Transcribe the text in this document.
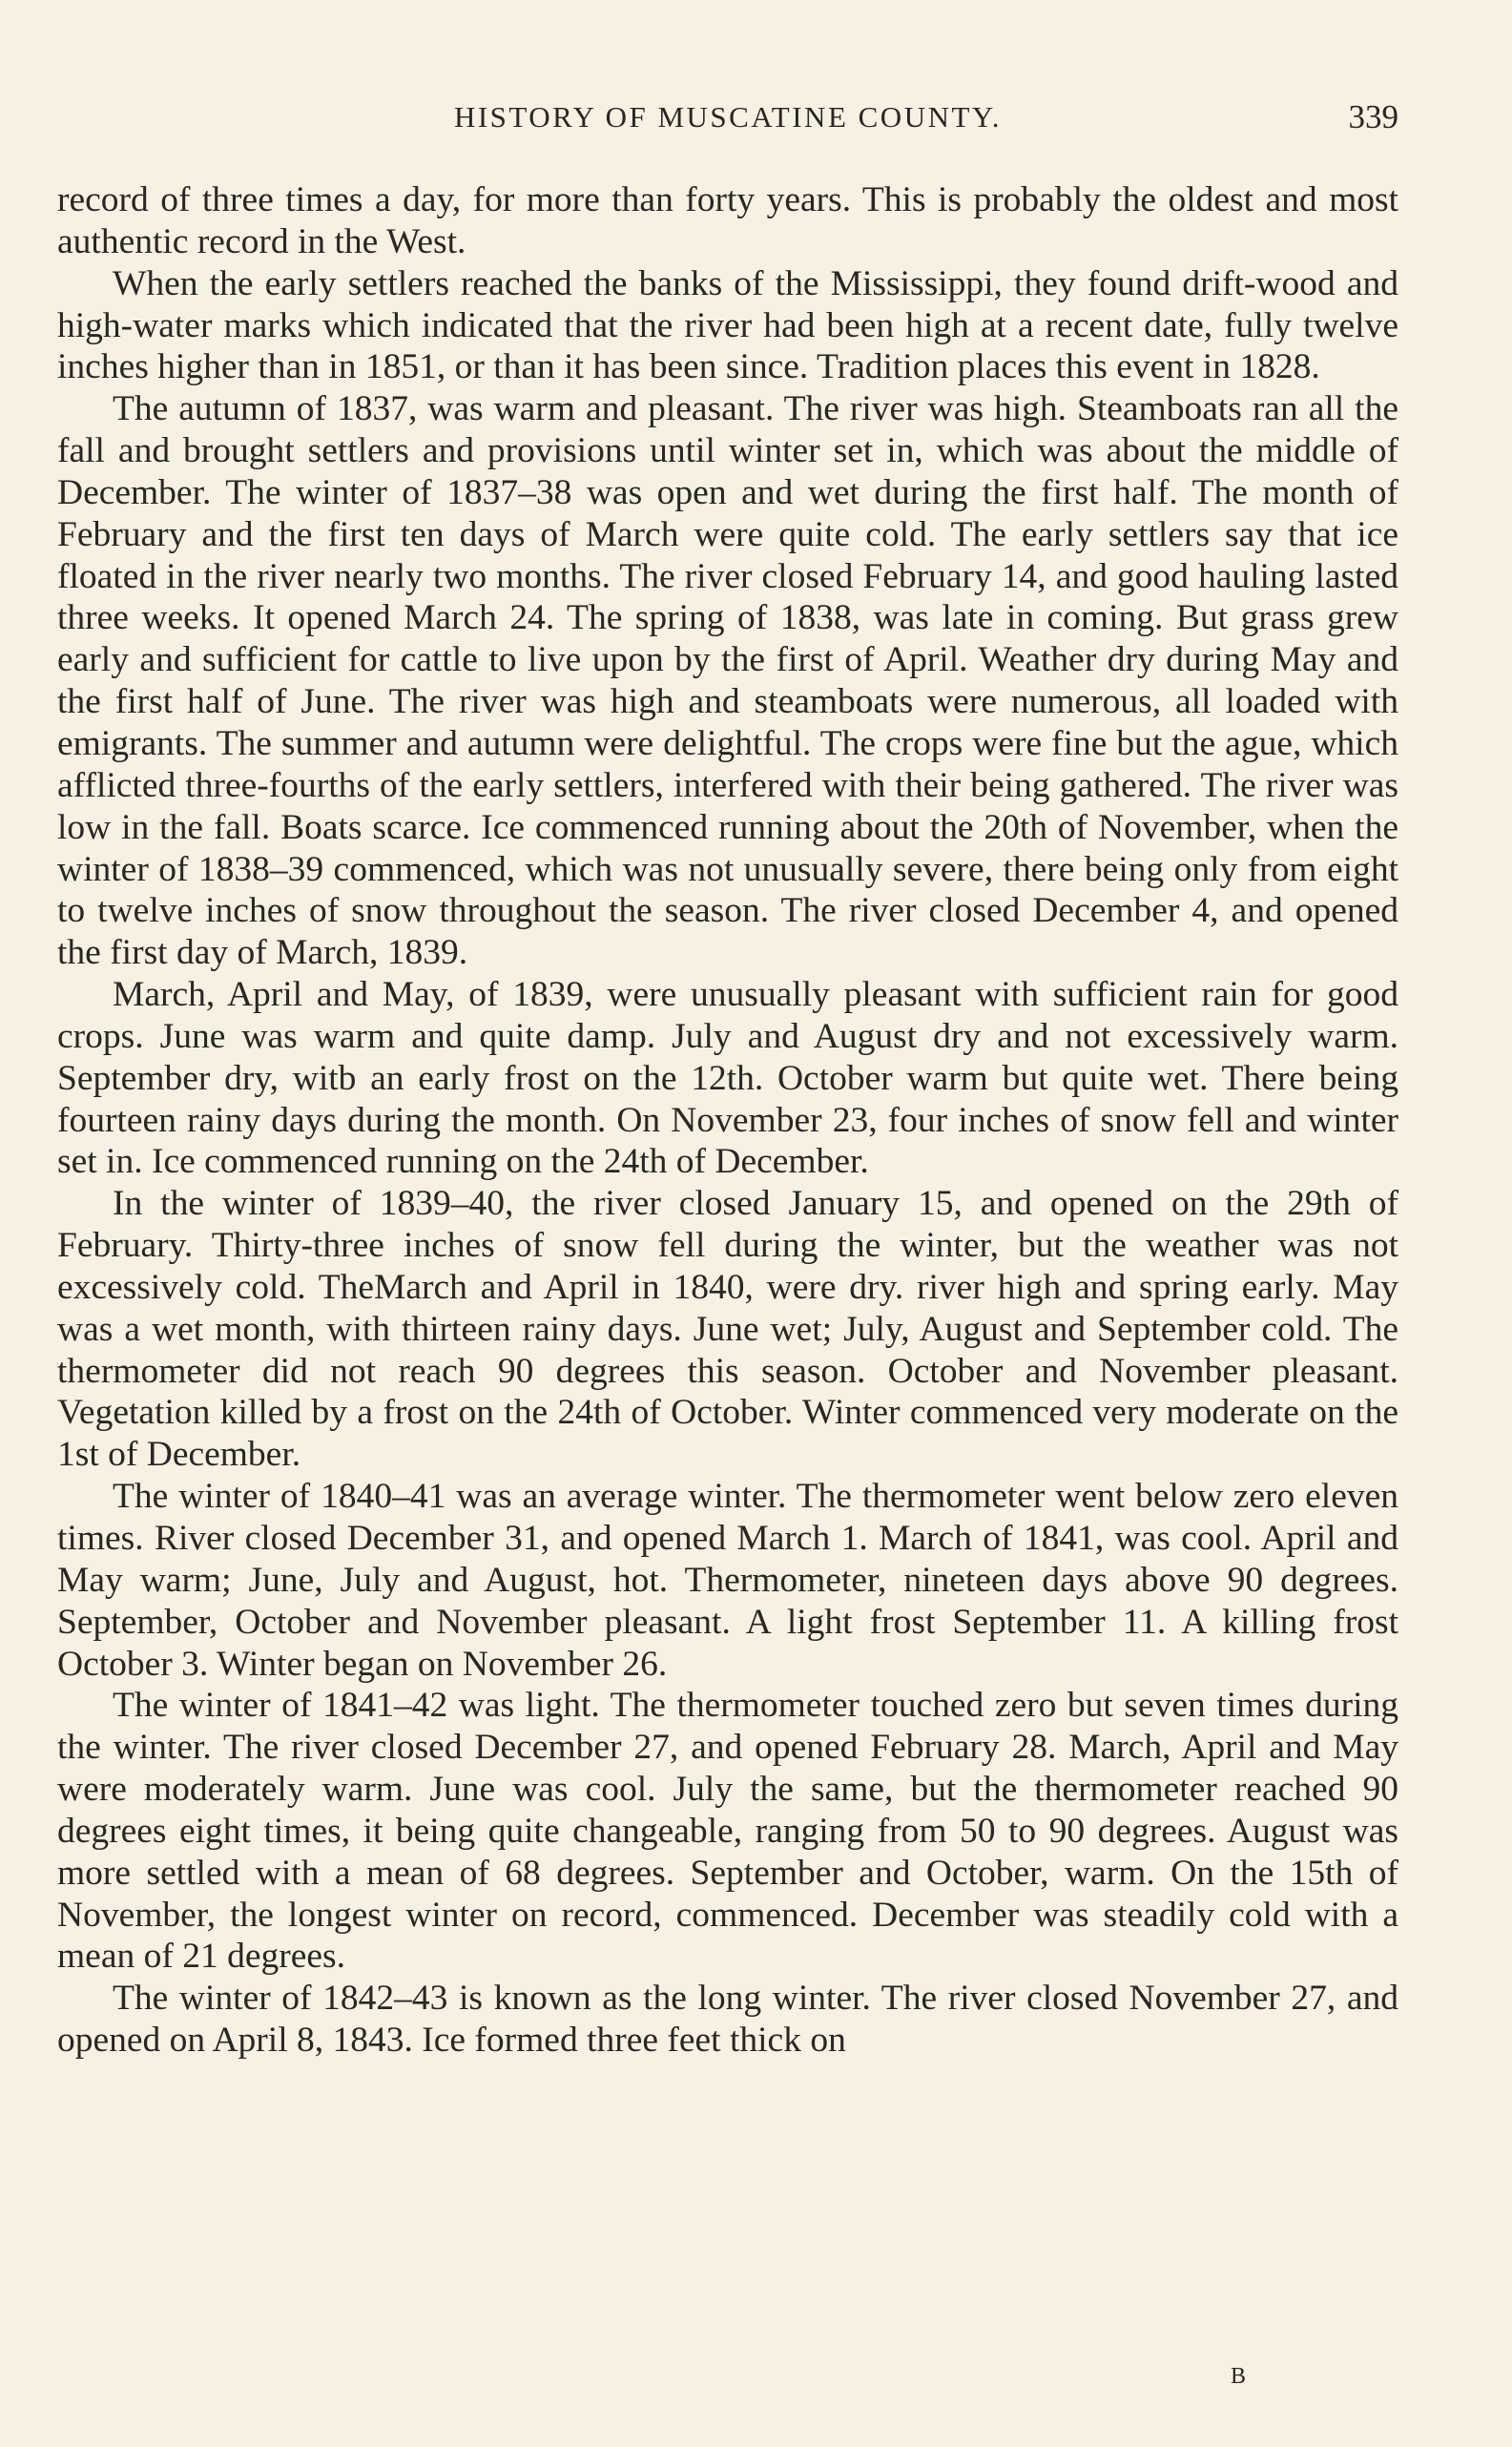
HISTORY OF MUSCATINE COUNTY.	339

record of three times a day, for more than forty years. This is probably the oldest and most authentic record in the West.

When the early settlers reached the banks of the Mississippi, they found drift-wood and high-water marks which indicated that the river had been high at a recent date, fully twelve inches higher than in 1851, or than it has been since. Tradition places this event in 1828.

The autumn of 1837, was warm and pleasant. The river was high. Steamboats ran all the fall and brought settlers and provisions until winter set in, which was about the middle of December. The winter of 1837–38 was open and wet during the first half. The month of February and the first ten days of March were quite cold. The early settlers say that ice floated in the river nearly two months. The river closed February 14, and good hauling lasted three weeks. It opened March 24. The spring of 1838, was late in coming. But grass grew early and sufficient for cattle to live upon by the first of April. Weather dry during May and the first half of June. The river was high and steamboats were numerous, all loaded with emigrants. The summer and autumn were delightful. The crops were fine but the ague, which afflicted three-fourths of the early settlers, interfered with their being gathered. The river was low in the fall. Boats scarce. Ice commenced running about the 20th of November, when the winter of 1838–39 commenced, which was not unusually severe, there being only from eight to twelve inches of snow throughout the season. The river closed December 4, and opened the first day of March, 1839.

March, April and May, of 1839, were unusually pleasant with sufficient rain for good crops. June was warm and quite damp. July and August dry and not excessively warm. September dry, witb an early frost on the 12th. October warm but quite wet. There being fourteen rainy days during the month. On November 23, four inches of snow fell and winter set in. Ice commenced running on the 24th of December.

In the winter of 1839–40, the river closed January 15, and opened on the 29th of February. Thirty-three inches of snow fell during the winter, but the weather was not excessively cold. TheMarch and April in 1840, were dry. river high and spring early. May was a wet month, with thirteen rainy days. June wet; July, August and September cold. The thermometer did not reach 90 degrees this season. October and November pleasant. Vegetation killed by a frost on the 24th of October. Winter commenced very moderate on the 1st of December.

The winter of 1840–41 was an average winter. The thermometer went below zero eleven times. River closed December 31, and opened March 1. March of 1841, was cool. April and May warm; June, July and August, hot. Thermometer, nineteen days above 90 degrees. September, October and November pleasant. A light frost September 11. A killing frost October 3. Winter began on November 26.

The winter of 1841–42 was light. The thermometer touched zero but seven times during the winter. The river closed December 27, and opened February 28. March, April and May were moderately warm. June was cool. July the same, but the thermometer reached 90 degrees eight times, it being quite changeable, ranging from 50 to 90 degrees. August was more settled with a mean of 68 degrees. September and October, warm. On the 15th of November, the longest winter on record, commenced. December was steadily cold with a mean of 21 degrees.

The winter of 1842–43 is known as the long winter. The river closed November 27, and opened on April 8, 1843. Ice formed three feet thick on

B
